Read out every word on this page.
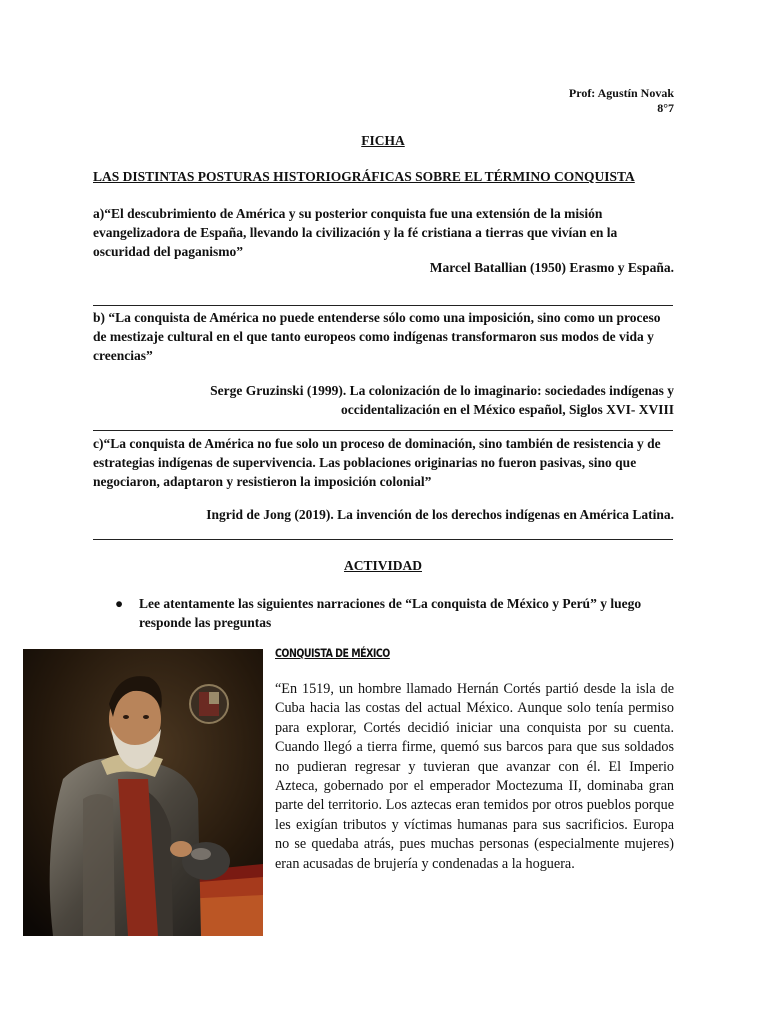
Prof: Agustín Novak
8°7
FICHA
LAS DISTINTAS POSTURAS HISTORIOGRÁFICAS SOBRE EL TÉRMINO CONQUISTA
a)“El descubrimiento de América y su posterior conquista fue una extensión de la misión evangelizadora de España, llevando la civilización y la fé cristiana a tierras que vivían en la oscuridad del paganismo”
Marcel Batallian (1950) Erasmo y España.
b) “La conquista de América no puede entenderse sólo como una imposición, sino como un proceso de mestizaje cultural en el que tanto europeos como indígenas transformaron sus modos de vida y creencias”
Serge Gruzinski (1999). La colonización de lo imaginario: sociedades indígenas y occidentalización en el México español, Siglos XVI- XVIII
c)“La conquista de América no fue solo un proceso de dominación, sino también de resistencia y de estrategias indígenas de supervivencia. Las poblaciones originarias no fueron pasivas, sino que negociaron, adaptaron y resistieron la imposición colonial”
Ingrid de Jong (2019). La invención de los derechos indígenas en América Latina.
ACTIVIDAD
● Lee atentamente las siguientes narraciones de “La conquista de México y Perú” y luego responde las preguntas
CONQUISTA DE MÉXICO
“En 1519, un hombre llamado Hernán Cortés partió desde la isla de Cuba hacia las costas del actual México. Aunque solo tenía permiso para explorar, Cortés decidió iniciar una conquista por su cuenta. Cuando llegó a tierra firme, quemó sus barcos para que sus soldados no pudieran regresar y tuvieran que avanzar con él. El Imperio Azteca, gobernado por el emperador Moctezuma II, dominaba gran parte del territorio. Los aztecas eran temidos por otros pueblos porque les exigían tributos y víctimas humanas para sus sacrificios. Europa no se quedaba atrás, pues muchas personas (especialmente mujeres) eran acusadas de brujería y condenadas a la hoguera.
